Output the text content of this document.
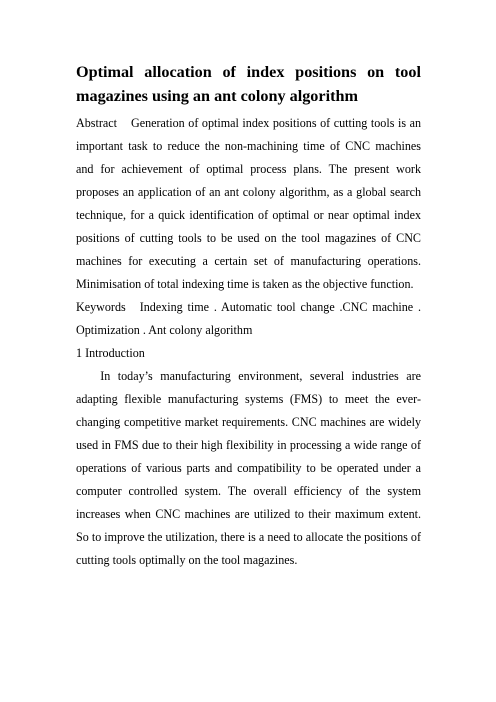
Optimal allocation of index positions on tool magazines using an ant colony algorithm

Abstract Generation of optimal index positions of cutting tools is an important task to reduce the non-machining time of CNC machines and for achievement of optimal process plans. The present work proposes an application of an ant colony algorithm, as a global search technique, for a quick identification of optimal or near optimal index positions of cutting tools to be used on the tool magazines of CNC machines for executing a certain set of manufacturing operations. Minimisation of total indexing time is taken as the objective function.

Keywords Indexing time . Automatic tool change .CNC machine . Optimization . Ant colony algorithm

1 Introduction

In today’s manufacturing environment, several industries are adapting flexible manufacturing systems (FMS) to meet the ever-changing competitive market requirements. CNC machines are widely used in FMS due to their high flexibility in processing a wide range of operations of various parts and compatibility to be operated under a computer controlled system. The overall efficiency of the system increases when CNC machines are utilized to their maximum extent. So to improve the utilization, there is a need to allocate the positions of cutting tools optimally on the tool magazines.
